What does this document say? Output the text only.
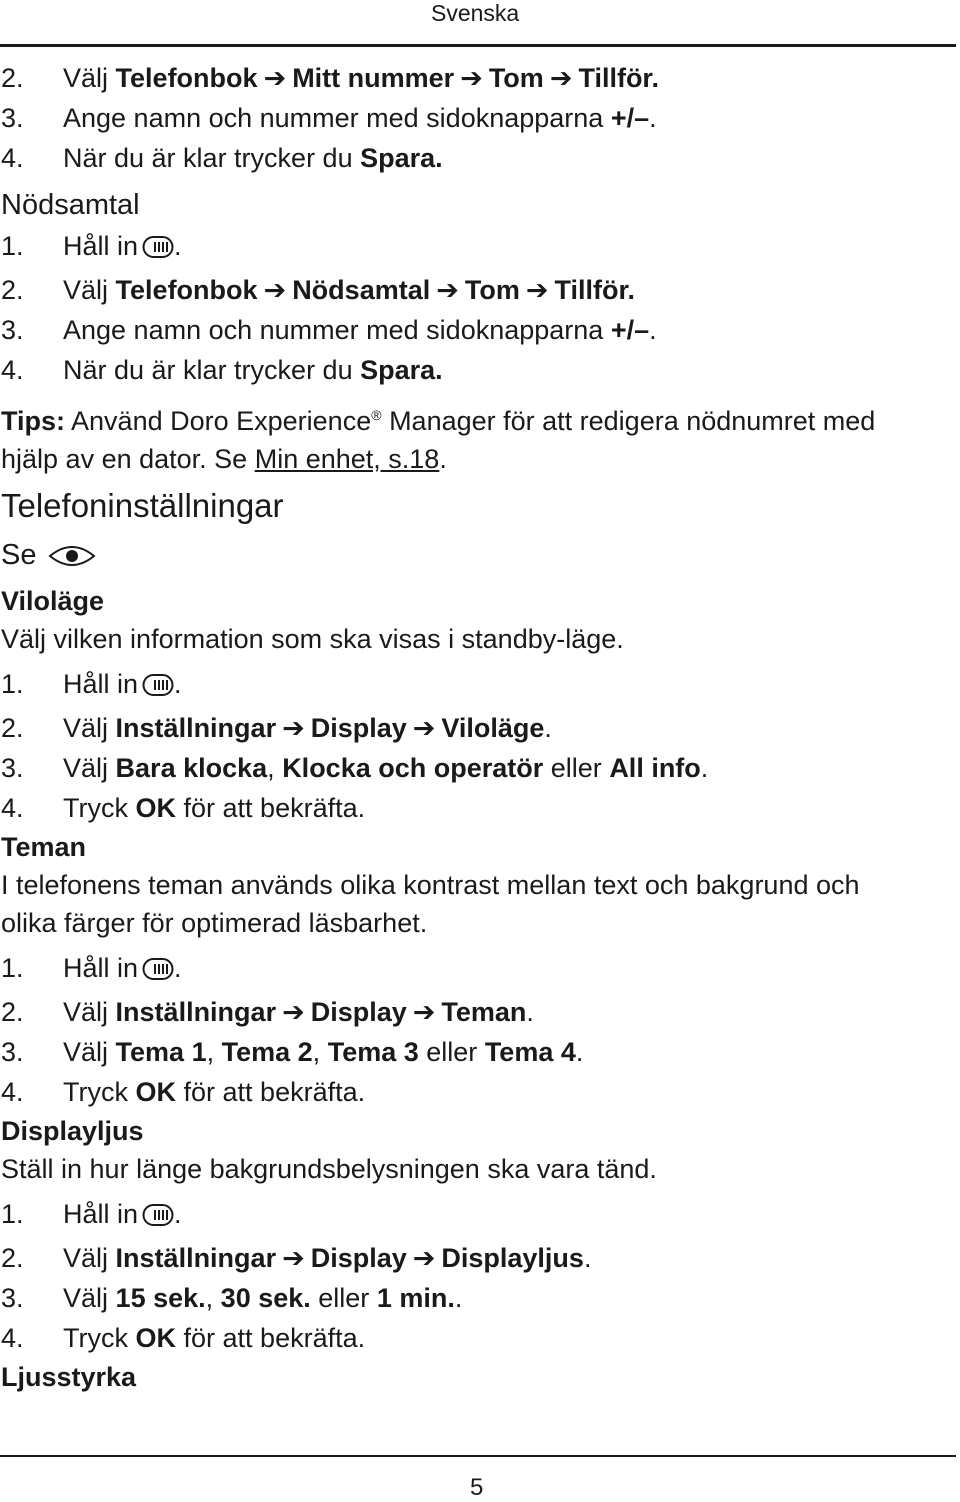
Svenska
2.	Välj Telefonbok ➔ Mitt nummer ➔ Tom ➔ Tillför.
3.	Ange namn och nummer med sidoknapparna +/–.
4.	När du är klar trycker du Spara.
Nödsamtal
1.	Håll in .
2.	Välj Telefonbok ➔ Nödsamtal ➔ Tom ➔ Tillför.
3.	Ange namn och nummer med sidoknapparna +/–.
4.	När du är klar trycker du Spara.
Tips: Använd Doro Experience® Manager för att redigera nödnumret med
hjälp av en dator. Se Min enhet, s.18.
Telefoninställningar
Se
Viloläge
Välj vilken information som ska visas i standby-läge.
1.	Håll in .
2.	Välj Inställningar ➔ Display ➔ Viloläge.
3.	Välj Bara klocka, Klocka och operatör eller All info.
4.	Tryck OK för att bekräfta.
Teman
I telefonens teman används olika kontrast mellan text och bakgrund och
olika färger för optimerad läsbarhet.
1.	Håll in .
2.	Välj Inställningar ➔ Display ➔ Teman.
3.	Välj Tema 1, Tema 2, Tema 3 eller Tema 4.
4.	Tryck OK för att bekräfta.
Displayljus
Ställ in hur länge bakgrundsbelysningen ska vara tänd.
1.	Håll in .
2.	Välj Inställningar ➔ Display ➔ Displayljus.
3.	Välj 15 sek., 30 sek. eller 1 min..
4.	Tryck OK för att bekräfta.
Ljusstyrka
5
